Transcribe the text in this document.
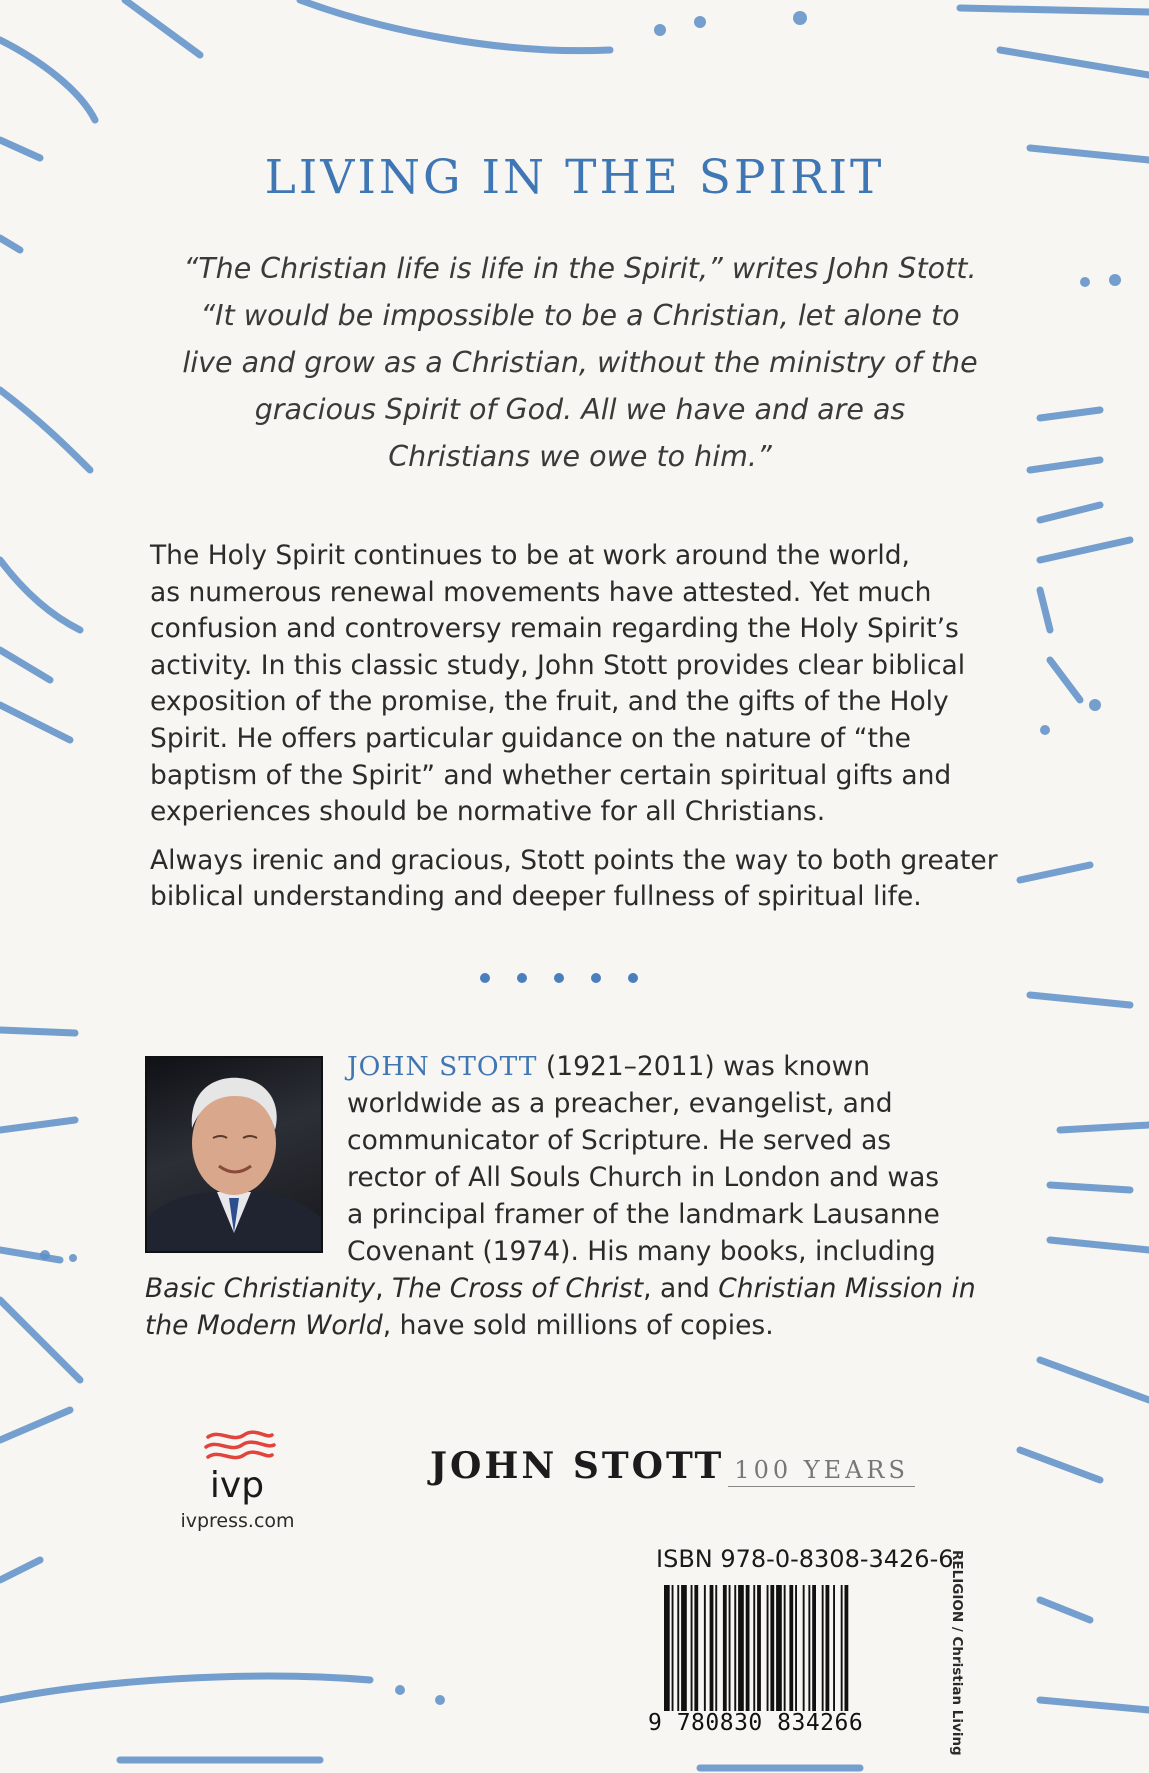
LIVING IN THE SPIRIT
“The Christian life is life in the Spirit,” writes John Stott.
“It would be impossible to be a Christian, let alone to
live and grow as a Christian, without the ministry of the
gracious Spirit of God. All we have and are as
Christians we owe to him.”
The Holy Spirit continues to be at work around the world,
as numerous renewal movements have attested. Yet much
confusion and controversy remain regarding the Holy Spirit’s
activity. In this classic study, John Stott provides clear biblical
exposition of the promise, the fruit, and the gifts of the Holy
Spirit. He offers particular guidance on the nature of “the
baptism of the Spirit” and whether certain spiritual gifts and
experiences should be normative for all Christians.
Always irenic and gracious, Stott points the way to both greater
biblical understanding and deeper fullness of spiritual life.
JOHN STOTT (1921–2011) was known
worldwide as a preacher, evangelist, and
communicator of Scripture. He served as
rector of All Souls Church in London and was
a principal framer of the landmark Lausanne
Covenant (1974). His many books, including
Basic Christianity, The Cross of Christ, and Christian Mission in
the Modern World, have sold millions of copies.
ivp
ivpress.com
JOHN STOTT 100 YEARS
ISBN 978-0-8308-3426-6
9 780830 834266	RELIGION / Christian Living
